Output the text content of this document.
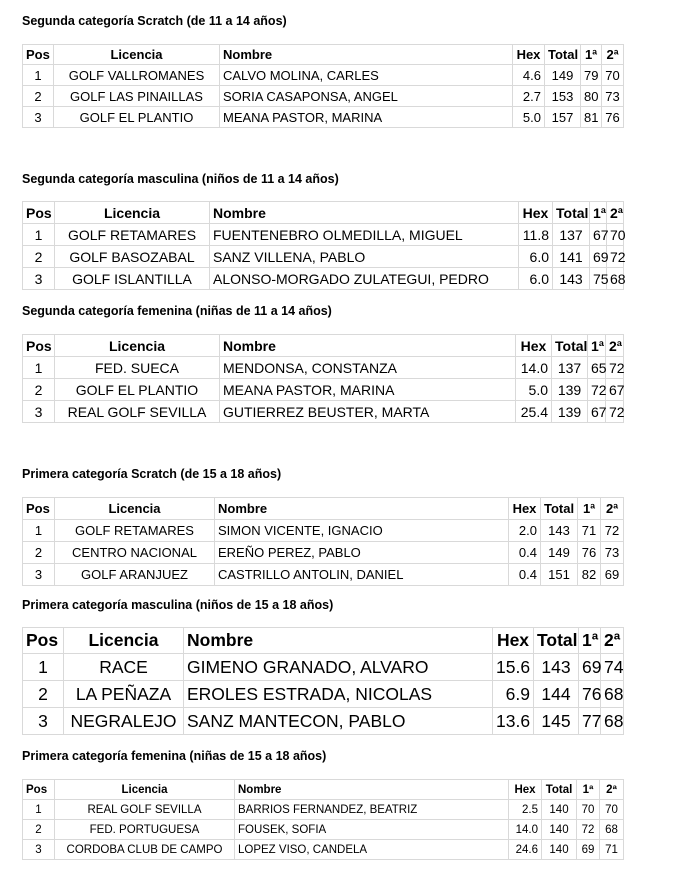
Segunda categoría Scratch (de 11 a 14 años)
Pos	Licencia	Nombre	Hex	Total	1ª	2ª
1	GOLF VALLROMANES	CALVO MOLINA, CARLES	4.6	149	79	70
2	GOLF LAS PINAILLAS	SORIA CASAPONSA, ANGEL	2.7	153	80	73
3	GOLF EL PLANTIO	MEANA PASTOR, MARINA	5.0	157	81	76
Segunda categoría masculina (niños de 11 a 14 años)
Pos	Licencia	Nombre	Hex	Total	1ª	2ª
1	GOLF RETAMARES	FUENTENEBRO OLMEDILLA, MIGUEL	11.8	137	67	70
2	GOLF BASOZABAL	SANZ VILLENA, PABLO	6.0	141	69	72
3	GOLF ISLANTILLA	ALONSO-MORGADO ZULATEGUI, PEDRO	6.0	143	75	68
Segunda categoría femenina (niñas de 11 a 14 años)
Pos	Licencia	Nombre	Hex	Total	1ª	2ª
1	FED. SUECA	MENDONSA, CONSTANZA	14.0	137	65	72
2	GOLF EL PLANTIO	MEANA PASTOR, MARINA	5.0	139	72	67
3	REAL GOLF SEVILLA	GUTIERREZ BEUSTER, MARTA	25.4	139	67	72
Primera categoría Scratch (de 15 a 18 años)
Pos	Licencia	Nombre	Hex	Total	1ª	2ª
1	GOLF RETAMARES	SIMON VICENTE, IGNACIO	2.0	143	71	72
2	CENTRO NACIONAL	EREÑO PEREZ, PABLO	0.4	149	76	73
3	GOLF ARANJUEZ	CASTRILLO ANTOLIN, DANIEL	0.4	151	82	69
Primera categoría masculina (niños de 15 a 18 años)
Pos	Licencia	Nombre	Hex	Total	1ª	2ª
1	RACE	GIMENO GRANADO, ALVARO	15.6	143	69	74
2	LA PEÑAZA	EROLES ESTRADA, NICOLAS	6.9	144	76	68
3	NEGRALEJO	SANZ MANTECON, PABLO	13.6	145	77	68
Primera categoría femenina (niñas de 15 a 18 años)
Pos	Licencia	Nombre	Hex	Total	1ª	2ª
1	REAL GOLF SEVILLA	BARRIOS FERNANDEZ, BEATRIZ	2.5	140	70	70
2	FED. PORTUGUESA	FOUSEK, SOFIA	14.0	140	72	68
3	CORDOBA CLUB DE CAMPO	LOPEZ VISO, CANDELA	24.6	140	69	71
